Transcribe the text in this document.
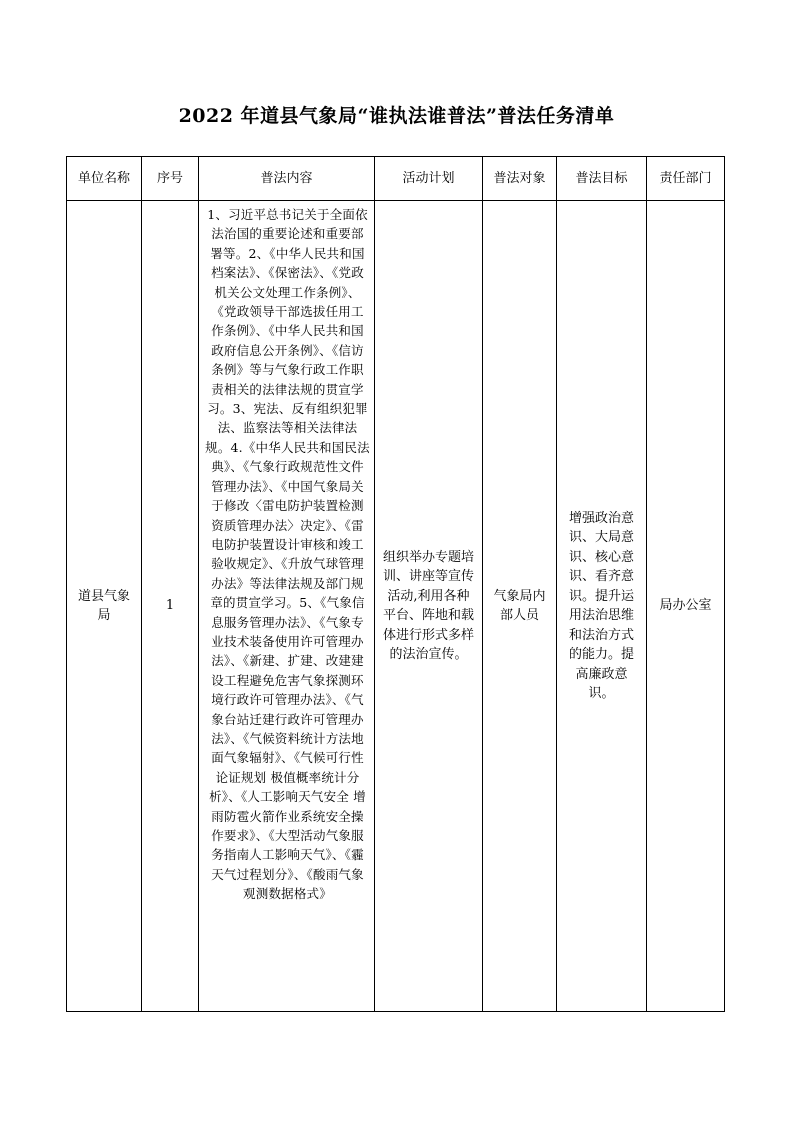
2022 年道县气象局“谁执法谁普法”普法任务清单
单位名称	序号	普法内容	活动计划	普法对象	普法目标	责任部门

道县气象局	1	1、习近平总书记关于全面依法治国的重要论述和重要部署等。2、《中华人民共和国档案法》、《保密法》、《党政机关公文处理工作条例》、《党政领导干部选拔任用工作条例》、《中华人民共和国政府信息公开条例》、《信访条例》等与气象行政工作职责相关的法律法规的贯宣学习。3、宪法、反有组织犯罪法、监察法等相关法律法规。4.《中华人民共和国民法典》、《气象行政规范性文件管理办法》、《中国气象局关于修改〈雷电防护装置检测资质管理办法〉决定》、《雷电防护装置设计审核和竣工验收规定》、《升放气球管理办法》等法律法规及部门规章的贯宣学习。5、《气象信息服务管理办法》、《气象专业技术装备使用许可管理办法》、《新建、扩建、改建建设工程避免危害气象探测环境行政许可管理办法》、《气象台站迁建行政许可管理办法》、《气候资料统计方法地面气象辐射》、《气候可行性论证规划 极值概率统计分析》、《人工影响天气安全 增雨防雹火箭作业系统安全操作要求》、《大型活动气象服务指南人工影响天气》、《霾天气过程划分》、《酸雨气象观测数据格式》	组织举办专题培训、讲座等宣传活动,利用各种平台、阵地和载体进行形式多样的法治宣传。	气象局内部人员	增强政治意识、大局意识、核心意识、看齐意识。提升运用法治思维和法治方式的能力。提高廉政意识。	局办公室
